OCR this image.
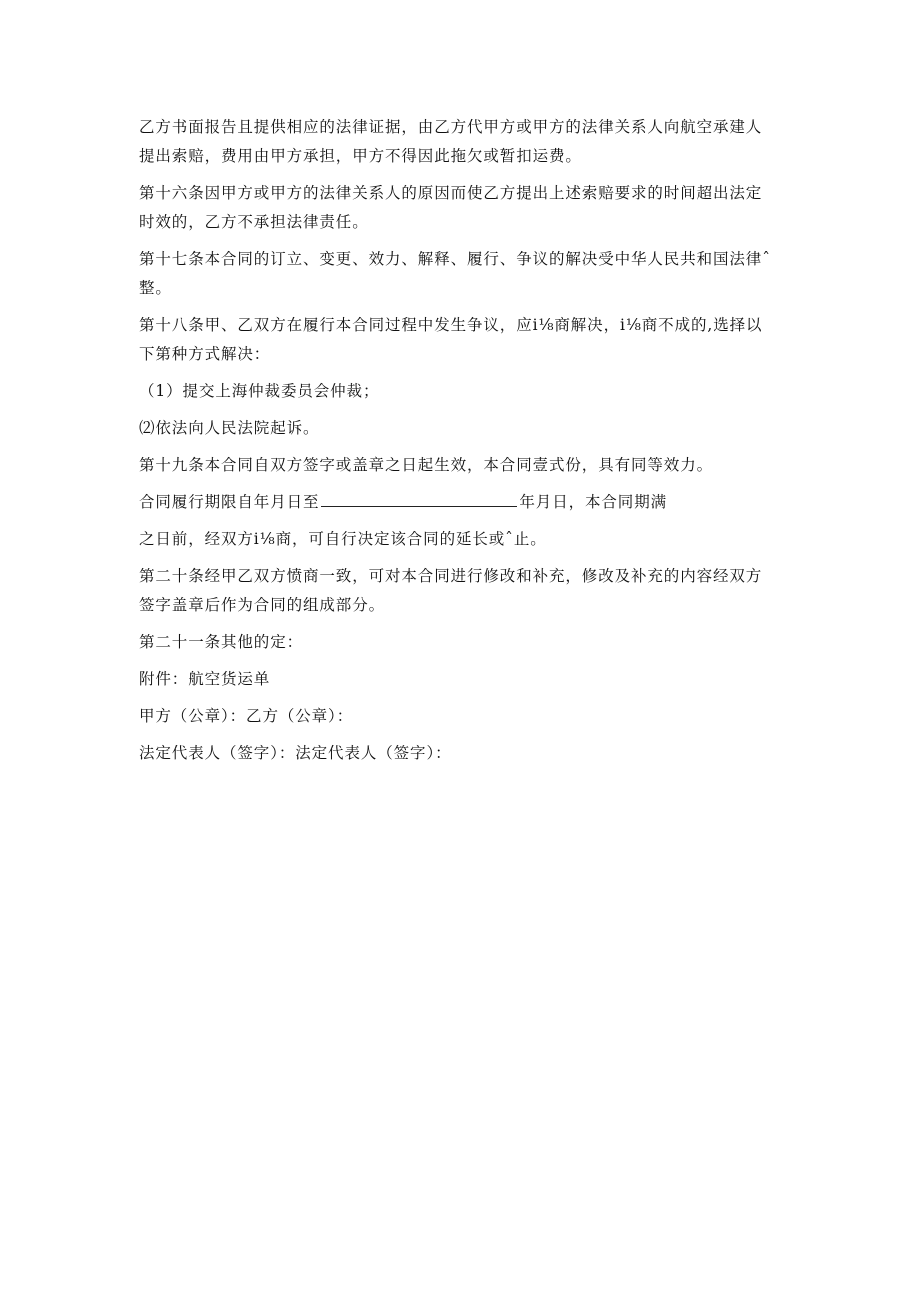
乙方书面报告且提供相应的法律证据，由乙方代甲方或甲方的法律关系人向航空承建人
提出索赔，费用由甲方承担，甲方不得因此拖欠或暂扣运费。

第十六条因甲方或甲方的法律关系人的原因而使乙方提出上述索赔要求的时间超出法定
时效的，乙方不承担法律责任。

第十七条本合同的订立、变更、效力、解释、履行、争议的解决受中华人民共和国法律ˆ
整。

第十八条甲、乙双方在履行本合同过程中发生争议，应i⅛商解决，i⅛商不成的,选择以
下第种方式解决：

（1）提交上海仲裁委员会仲裁；

⑵依法向人民法院起诉。

第十九条本合同自双方签字或盖章之日起生效，本合同壹式份，具有同等效力。

合同履行期限自年月日至	年月日，本合同期满

之日前，经双方i⅛商，可自行决定该合同的延长或ˆ止。

第二十条经甲乙双方愤商一致，可对本合同进行修改和补充，修改及补充的内容经双方
签字盖章后作为合同的组成部分。

第二十一条其他的定：

附件：航空货运单

甲方（公章）：乙方（公章）：

法定代表人（签字）：法定代表人（签字）：
